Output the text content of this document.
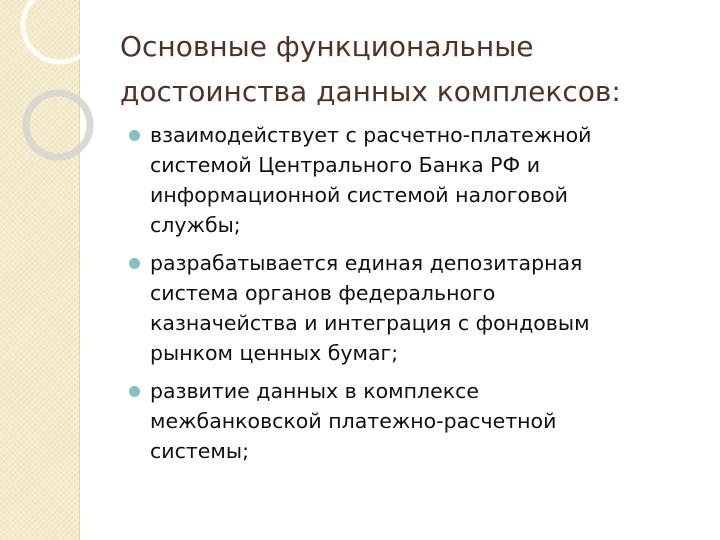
Основные функциональные
достоинства данных комплексов:
взаимодействует с расчетно-платежной
системой Центрального Банка РФ и
информационной системой налоговой
службы;
разрабатывается единая депозитарная
система органов федерального
казначейства и интеграция с фондовым
рынком ценных бумаг;
развитие данных в комплексе
межбанковской платежно-расчетной
системы;
